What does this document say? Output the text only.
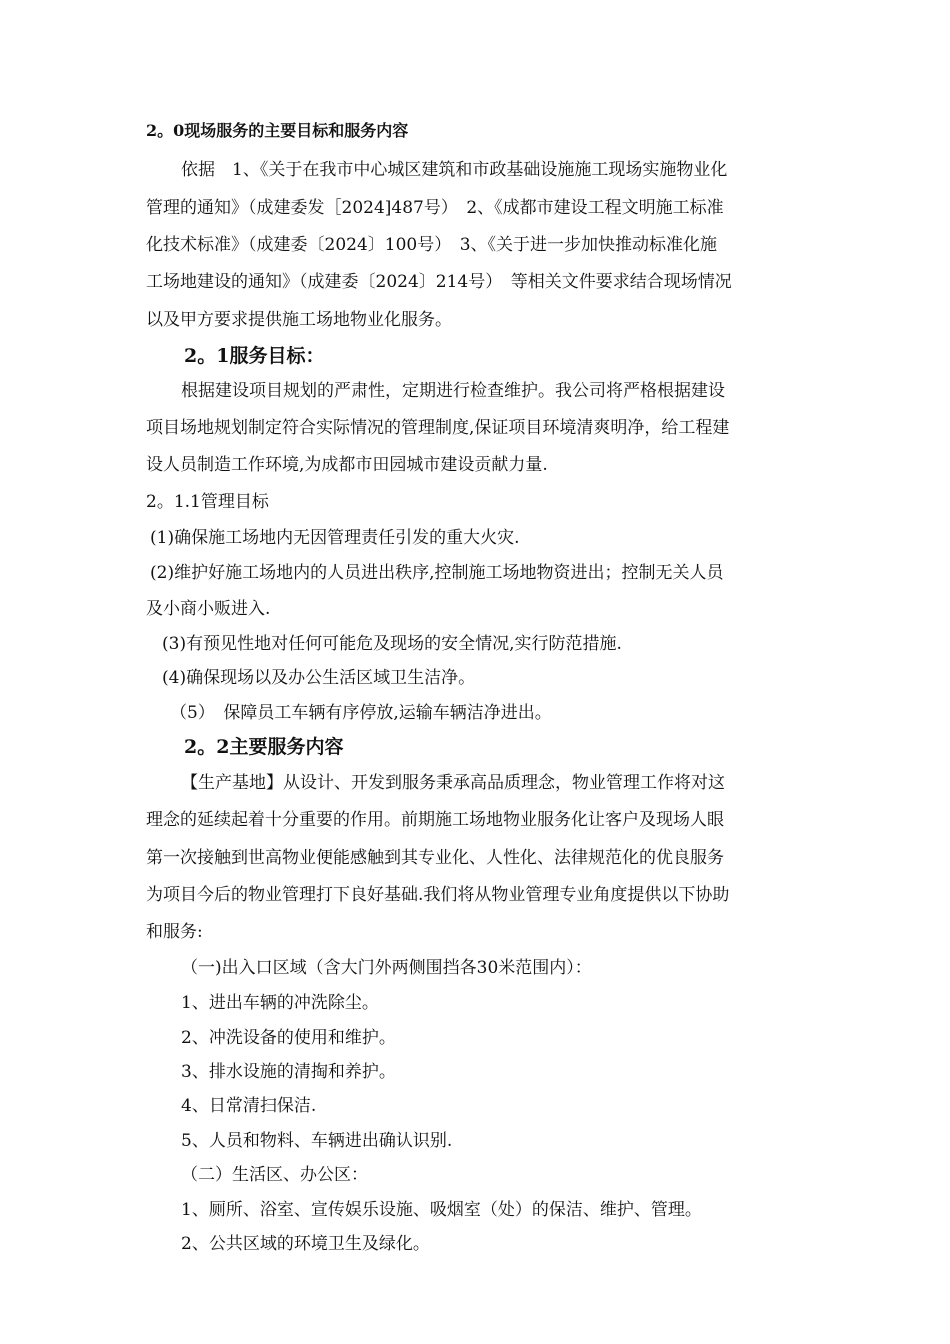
2。0现场服务的主要目标和服务内容
依据　1、《关于在我市中心城区建筑和市政基础设施施工现场实施物业化
管理的通知》（成建委发［2024]487号）　2、《成都市建设工程文明施工标准
化技术标准》（成建委〔2024〕100号）　3、《关于进一步加快推动标准化施
工场地建设的通知》（成建委〔2024〕214号）　等相关文件要求结合现场情况
以及甲方要求提供施工场地物业化服务。
2。1服务目标：
根据建设项目规划的严肃性，定期进行检查维护。我公司将严格根据建设
项目场地规划制定符合实际情况的管理制度,保证项目环境清爽明净，给工程建
设人员制造工作环境,为成都市田园城市建设贡献力量.
2。1.1管理目标
(1)确保施工场地内无因管理责任引发的重大火灾.
(2)维护好施工场地内的人员进出秩序,控制施工场地物资进出；控制无关人员
及小商小贩进入.
(3)有预见性地对任何可能危及现场的安全情况,实行防范措施.
(4)确保现场以及办公生活区域卫生洁净。
（5）　保障员工车辆有序停放,运输车辆洁净进出。
2。2主要服务内容
【生产基地】从设计、开发到服务秉承高品质理念，物业管理工作将对这
理念的延续起着十分重要的作用。前期施工场地物业服务化让客户及现场人眼
第一次接触到世高物业便能感触到其专业化、人性化、法律规范化的优良服务
为项目今后的物业管理打下良好基础.我们将从物业管理专业角度提供以下协助
和服务:
（一)出入口区域（含大门外两侧围挡各30米范围内）：
1、进出车辆的冲洗除尘。
2、冲洗设备的使用和维护。
3、排水设施的清掏和养护。
4、日常清扫保洁.
5、人员和物料、车辆进出确认识别.
（二）生活区、办公区：
1、厕所、浴室、宣传娱乐设施、吸烟室（处）的保洁、维护、管理。
2、公共区域的环境卫生及绿化。
